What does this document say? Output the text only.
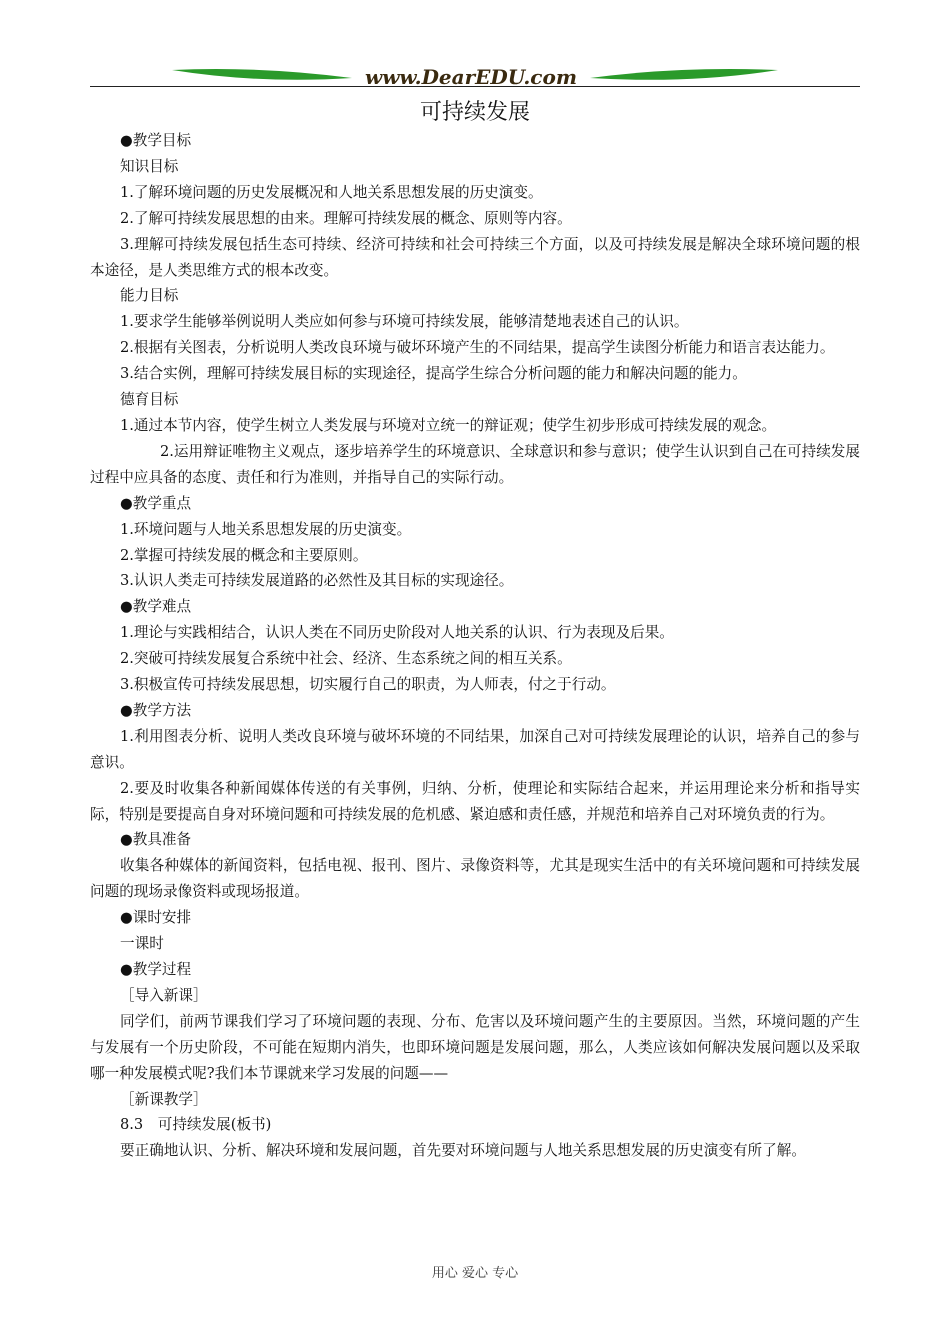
www.DearEDU.com
可持续发展

●教学目标

知识目标

1.了解环境问题的历史发展概况和人地关系思想发展的历史演变。

2.了解可持续发展思想的由来。理解可持续发展的概念、原则等内容。

3.理解可持续发展包括生态可持续、经济可持续和社会可持续三个方面，以及可持续发展是解决全球环境问题的根本途径，是人类思维方式的根本改变。

能力目标

1.要求学生能够举例说明人类应如何参与环境可持续发展，能够清楚地表述自己的认识。

2.根据有关图表，分析说明人类改良环境与破坏环境产生的不同结果，提高学生读图分析能力和语言表达能力。

3.结合实例，理解可持续发展目标的实现途径，提高学生综合分析问题的能力和解决问题的能力。

德育目标

1.通过本节内容，使学生树立人类发展与环境对立统一的辩证观；使学生初步形成可持续发展的观念。

2.运用辩证唯物主义观点，逐步培养学生的环境意识、全球意识和参与意识；使学生认识到自己在可持续发展过程中应具备的态度、责任和行为准则，并指导自己的实际行动。

●教学重点

1.环境问题与人地关系思想发展的历史演变。

2.掌握可持续发展的概念和主要原则。

3.认识人类走可持续发展道路的必然性及其目标的实现途径。

●教学难点

1.理论与实践相结合，认识人类在不同历史阶段对人地关系的认识、行为表现及后果。

2.突破可持续发展复合系统中社会、经济、生态系统之间的相互关系。

3.积极宣传可持续发展思想，切实履行自己的职责，为人师表，付之于行动。

●教学方法

1.利用图表分析、说明人类改良环境与破坏环境的不同结果，加深自己对可持续发展理论的认识，培养自己的参与意识。

2.要及时收集各种新闻媒体传送的有关事例，归纳、分析，使理论和实际结合起来，并运用理论来分析和指导实际，特别是要提高自身对环境问题和可持续发展的危机感、紧迫感和责任感，并规范和培养自己对环境负责的行为。

●教具准备

收集各种媒体的新闻资料，包括电视、报刊、图片、录像资料等，尤其是现实生活中的有关环境问题和可持续发展问题的现场录像资料或现场报道。

●课时安排

一课时

●教学过程

［导入新课］

同学们，前两节课我们学习了环境问题的表现、分布、危害以及环境问题产生的主要原因。当然，环境问题的产生与发展有一个历史阶段，不可能在短期内消失，也即环境问题是发展问题，那么，人类应该如何解决发展问题以及采取哪一种发展模式呢?我们本节课就来学习发展的问题——

［新课教学］

8.3　可持续发展(板书)

要正确地认识、分析、解决环境和发展问题，首先要对环境问题与人地关系思想发展的历史演变有所了解。

用心 爱心 专心
